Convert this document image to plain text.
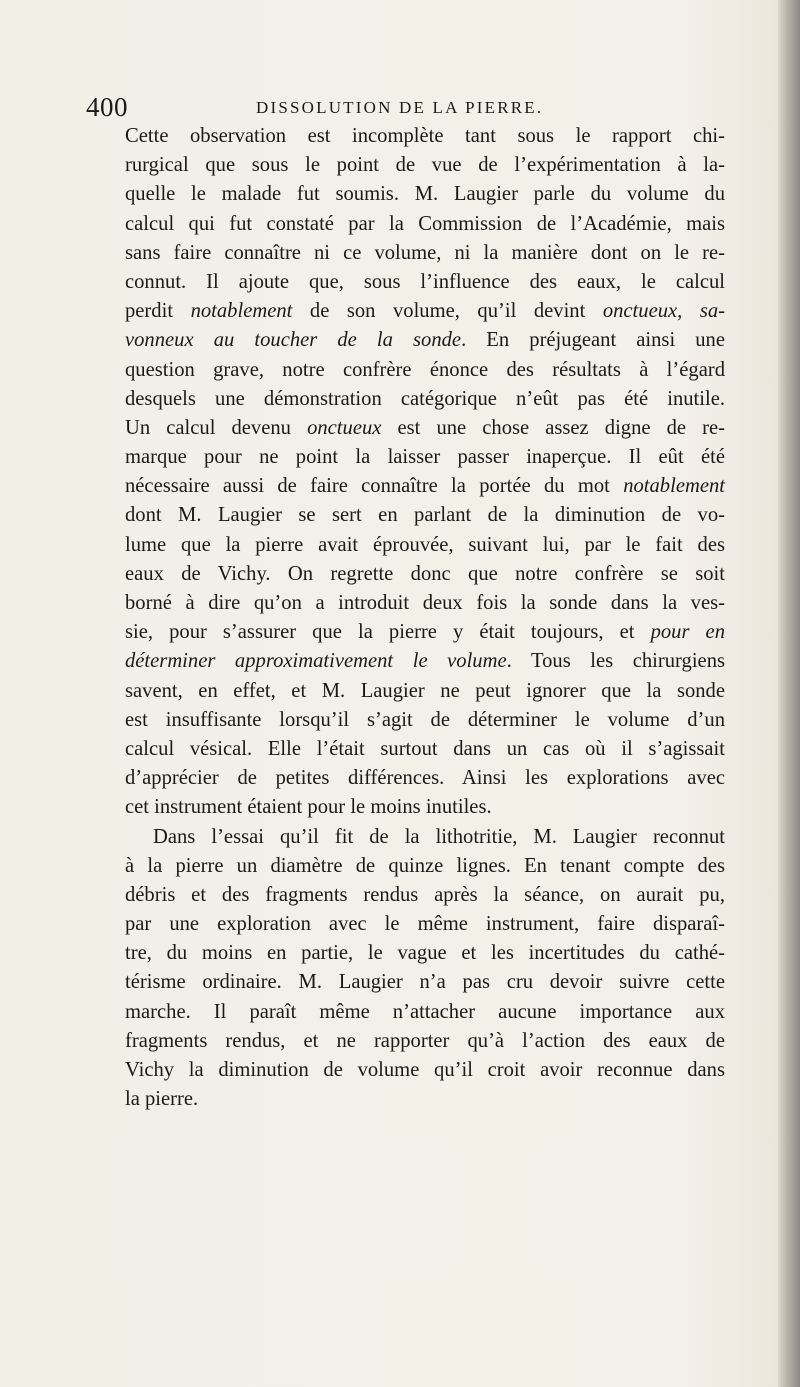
400	DISSOLUTION DE LA PIERRE.
Cette observation est incomplète tant sous le rapport chi-
rurgical que sous le point de vue de l’expérimentation à la-
quelle le malade fut soumis. M. Laugier parle du volume du
calcul qui fut constaté par la Commission de l’Académie, mais
sans faire connaître ni ce volume, ni la manière dont on le re-
connut. Il ajoute que, sous l’influence des eaux, le calcul
perdit notablement de son volume, qu’il devint onctueux, sa-
vonneux au toucher de la sonde. En préjugeant ainsi une
question grave, notre confrère énonce des résultats à l’égard
desquels une démonstration catégorique n’eût pas été inutile.
Un calcul devenu onctueux est une chose assez digne de re-
marque pour ne point la laisser passer inaperçue. Il eût été
nécessaire aussi de faire connaître la portée du mot notablement
dont M. Laugier se sert en parlant de la diminution de vo-
lume que la pierre avait éprouvée, suivant lui, par le fait des
eaux de Vichy. On regrette donc que notre confrère se soit
borné à dire qu’on a introduit deux fois la sonde dans la ves-
sie, pour s’assurer que la pierre y était toujours, et pour en
déterminer approximativement le volume. Tous les chirurgiens
savent, en effet, et M. Laugier ne peut ignorer que la sonde
est insuffisante lorsqu’il s’agit de déterminer le volume d’un
calcul vésical. Elle l’était surtout dans un cas où il s’agissait
d’apprécier de petites différences. Ainsi les explorations avec
cet instrument étaient pour le moins inutiles.
Dans l’essai qu’il fit de la lithotritie, M. Laugier reconnut
à la pierre un diamètre de quinze lignes. En tenant compte des
débris et des fragments rendus après la séance, on aurait pu,
par une exploration avec le même instrument, faire disparaî-
tre, du moins en partie, le vague et les incertitudes du cathé-
térisme ordinaire. M. Laugier n’a pas cru devoir suivre cette
marche. Il paraît même n’attacher aucune importance aux
fragments rendus, et ne rapporter qu’à l’action des eaux de
Vichy la diminution de volume qu’il croit avoir reconnue dans
la pierre.
